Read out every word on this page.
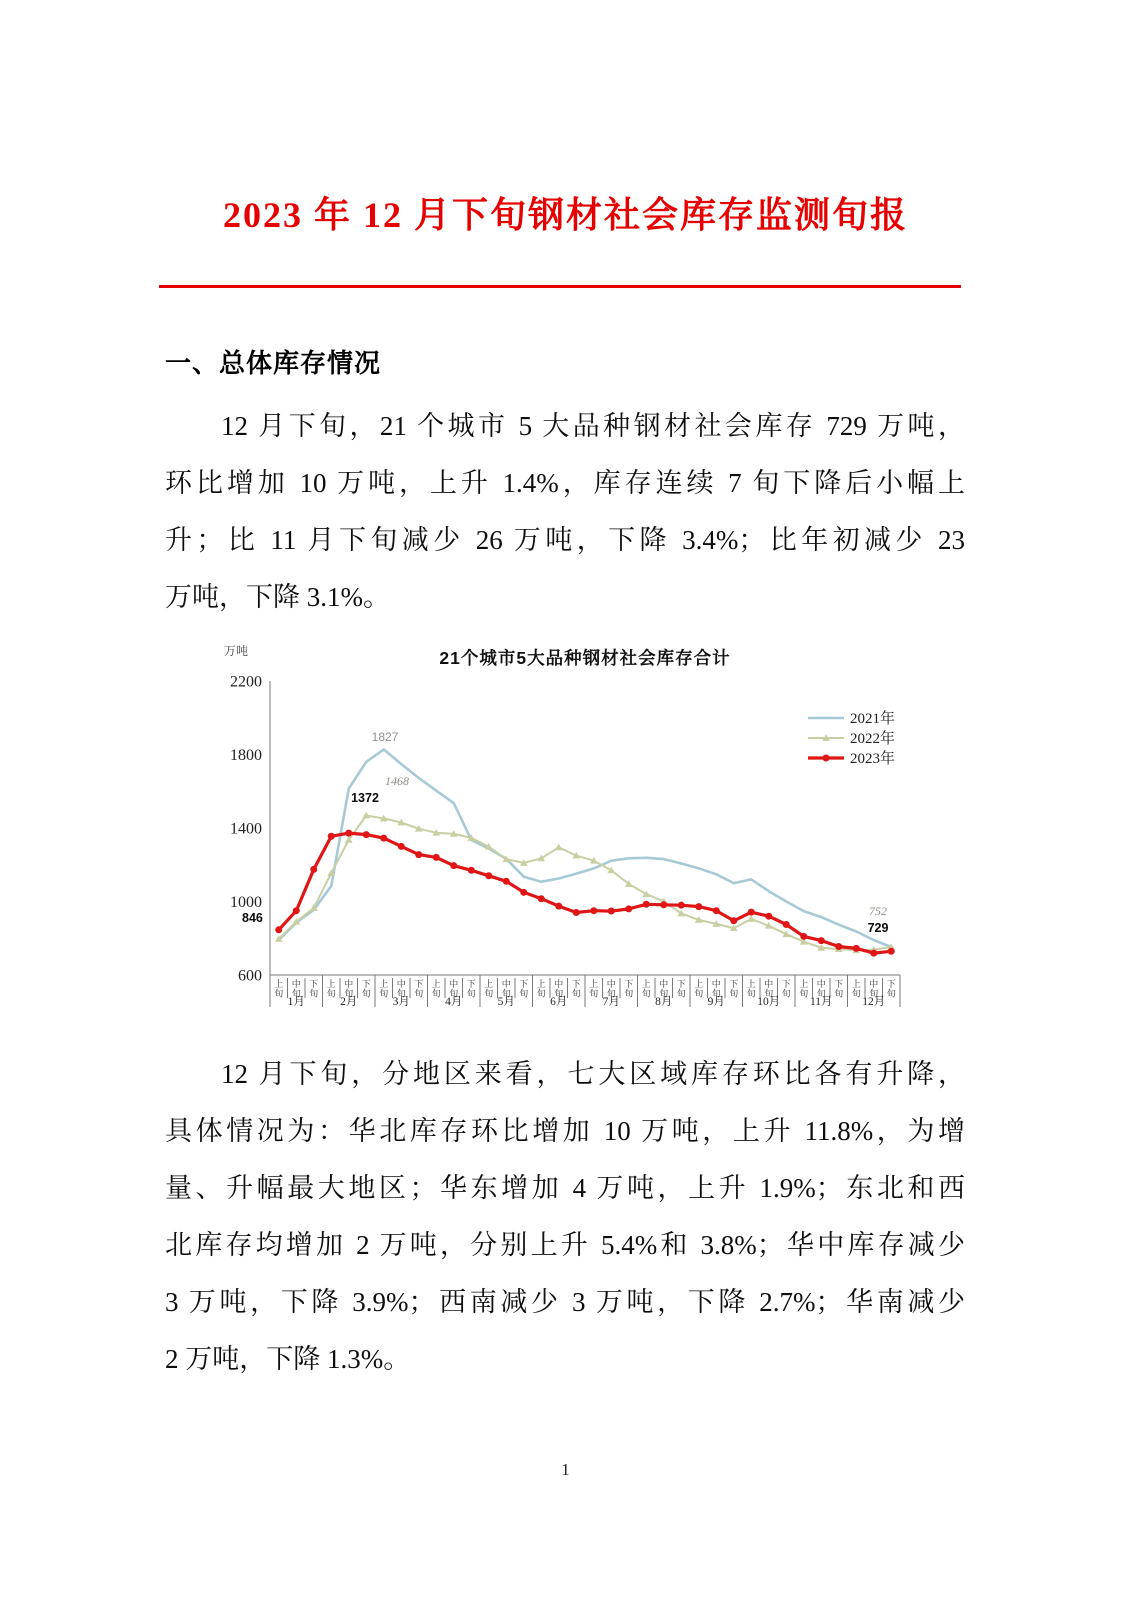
2023 年 12 月下旬钢材社会库存监测旬报
一、总体库存情况
12 月下旬，21 个城市 5 大品种钢材社会库存 729 万吨，
环比增加 10 万吨，上升 1.4%，库存连续 7 旬下降后小幅上
升；比 11 月下旬减少 26 万吨，下降 3.4%；比年初减少 23
万吨，下降 3.1%。
21个城市5大品种钢材社会库存合计
万吨
2200
1800
1400
1000
600 上旬
中旬
下旬
1月
上旬
中旬
下旬
2月
上旬
中旬
下旬
3月
上旬
中旬
下旬
4月
上旬
中旬
下旬
5月
上旬
中旬
下旬
6月
上旬
中旬
下旬
7月
上旬
中旬
下旬
8月
上旬
中旬
下旬
9月
上旬
中旬
下旬
10月
上旬
中旬
下旬
11月
上旬
中旬
下旬
12月
2021年
2022年
2023年
846
1372
1468
1827
752
729
12 月下旬，分地区来看，七大区域库存环比各有升降，
具体情况为：华北库存环比增加 10 万吨，上升 11.8%，为增
量、升幅最大地区；华东增加 4 万吨，上升 1.9%；东北和西
北库存均增加 2 万吨，分别上升 5.4%和 3.8%；华中库存减少
3 万吨，下降 3.9%；西南减少 3 万吨，下降 2.7%；华南减少
2 万吨，下降 1.3%。
1
